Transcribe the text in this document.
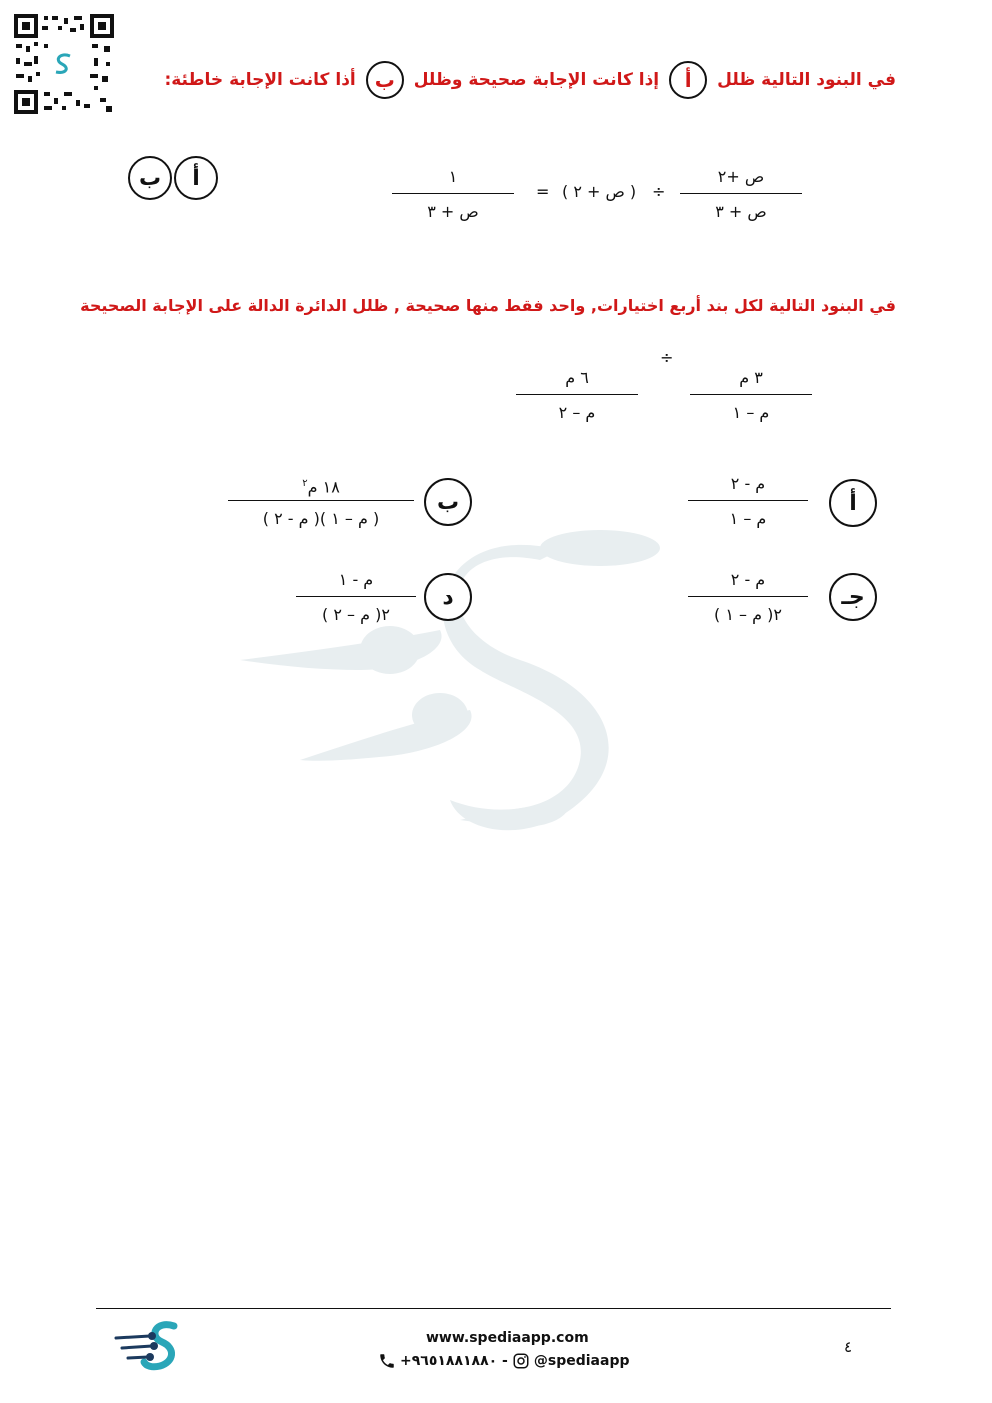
في البنود التالية ظلل
أ
إذا كانت الإجابة صحيحة وظلل
ب
أذا كانت الإجابة خاطئة:
ص +٢
ص + ٣
÷
( ص + ٢ )
=
١
ص + ٣
أ
ب
في البنود التالية لكل بند أربع اختيارات, واحد فقط منها صحيحة , ظلل الدائرة الدالة على الإجابة الصحيحة
٣ م
م – ١
÷
٦ م
م – ٢
أ
م - ٢
م – ١
ب
١٨ م$^٢$
( م – ١ )( م - ٢ )
جـ
م - ٢
٢( م – ١ )
د
م - ١
٢( م – ٢ )
www.spediaapp.com
+٩٦٥١٨٨١٨٨٠ - @spediaapp
٤
